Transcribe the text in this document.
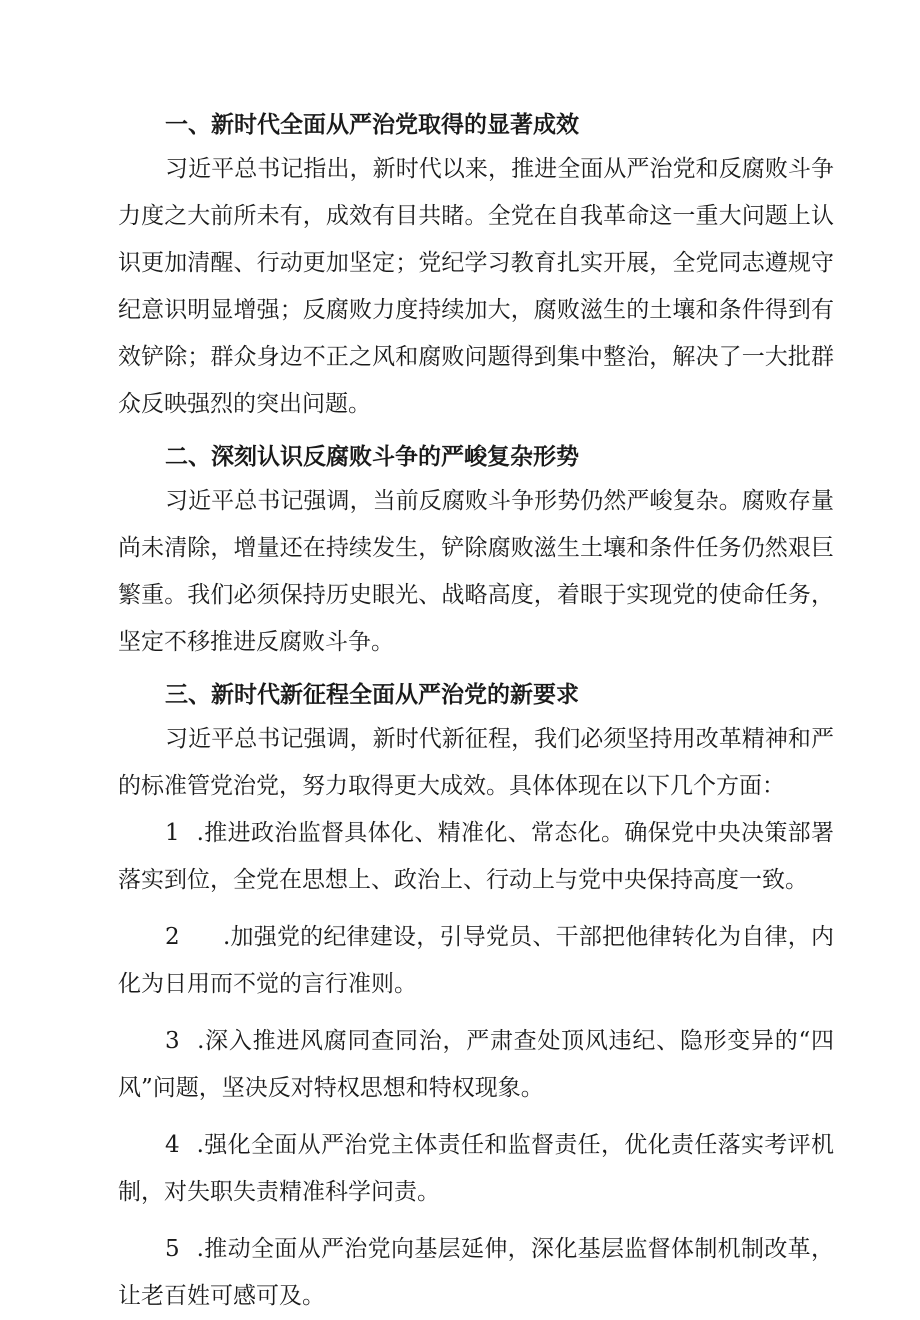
一、新时代全面从严治党取得的显著成效

习近平总书记指出，新时代以来，推进全面从严治党和反腐败斗争力度之大前所未有，成效有目共睹。全党在自我革命这一重大问题上认识更加清醒、行动更加坚定；党纪学习教育扎实开展，全党同志遵规守纪意识明显增强；反腐败力度持续加大，腐败滋生的土壤和条件得到有效铲除；群众身边不正之风和腐败问题得到集中整治，解决了一大批群众反映强烈的突出问题。

二、深刻认识反腐败斗争的严峻复杂形势

习近平总书记强调，当前反腐败斗争形势仍然严峻复杂。腐败存量尚未清除，增量还在持续发生，铲除腐败滋生土壤和条件任务仍然艰巨繁重。我们必须保持历史眼光、战略高度，着眼于实现党的使命任务，坚定不移推进反腐败斗争。

三、新时代新征程全面从严治党的新要求

习近平总书记强调，新时代新征程，我们必须坚持用改革精神和严的标准管党治党，努力取得更大成效。具体体现在以下几个方面：

1 .推进政治监督具体化、精准化、常态化。确保党中央决策部署落实到位，全党在思想上、政治上、行动上与党中央保持高度一致。

2 .加强党的纪律建设，引导党员、干部把他律转化为自律，内化为日用而不觉的言行准则。

3 .深入推进风腐同查同治，严肃查处顶风违纪、隐形变异的“四风”问题，坚决反对特权思想和特权现象。

4 .强化全面从严治党主体责任和监督责任，优化责任落实考评机制，对失职失责精准科学问责。

5 .推动全面从严治党向基层延伸，深化基层监督体制机制改革，让老百姓可感可及。
